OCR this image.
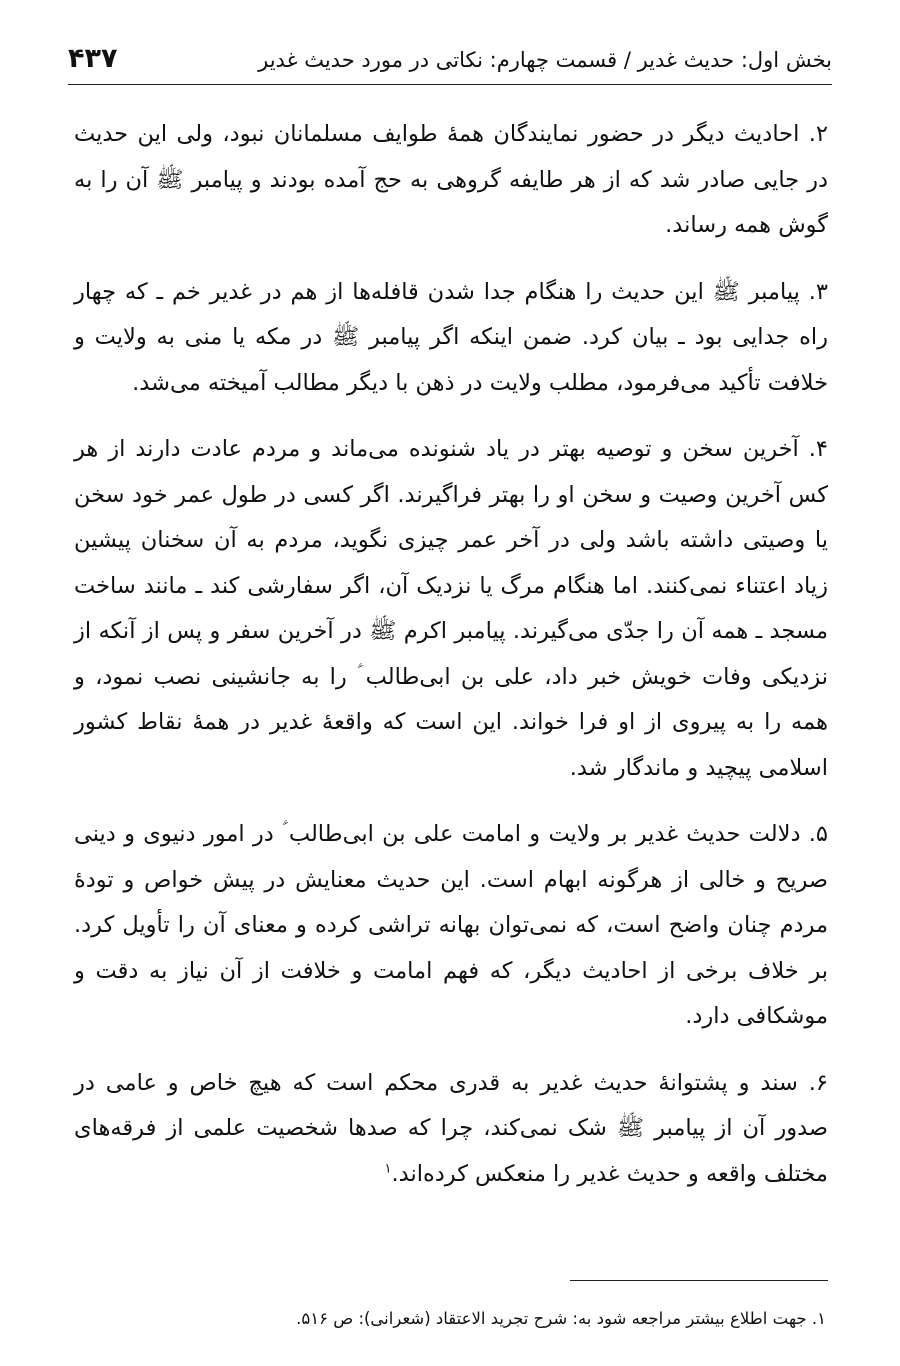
بخش اول: حدیث غدیر / قسمت چهارم: نکاتی در مورد حدیث غدیر
۴۳۷

۲. احادیث دیگر در حضور نمایندگان همهٔ طوایف مسلمانان نبود، ولی این حدیث در جایی صادر شد که از هر طایفه گروهی به حج آمده بودند و پیامبر ﷺ آن را به گوش همه رساند.

۳. پیامبر ﷺ این حدیث را هنگام جدا شدن قافله‌ها از هم در غدیر خم ـ که چهار راه جدایی بود ـ بیان کرد. ضمن اینکه اگر پیامبر ﷺ در مکه یا منی به ولایت و خلافت تأکید می‌فرمود، مطلب ولایت در ذهن با دیگر مطالب آمیخته می‌شد.

۴. آخرین سخن و توصیه بهتر در یاد شنونده می‌ماند و مردم عادت دارند از هر کس آخرین وصیت و سخن او را بهتر فراگیرند. اگر کسی در طول عمر خود سخن یا وصیتی داشته باشد ولی در آخر عمر چیزی نگوید، مردم به آن سخنان پیشین زیاد اعتناء نمی‌کنند. اما هنگام مرگ یا نزدیک آن، اگر سفارشی کند ـ مانند ساخت مسجد ـ همه آن را جدّی می‌گیرند. پیامبر اکرم ﷺ در آخرین سفر و پس از آنکه از نزدیکی وفات خویش خبر داد، علی بن ابی‌طالب ؑ را به جانشینی نصب نمود، و همه را به پیروی از او فرا خواند. این است که واقعهٔ غدیر در همهٔ نقاط کشور اسلامی پیچید و ماندگار شد.

۵. دلالت حدیث غدیر بر ولایت و امامت علی بن ابی‌طالب ؑ در امور دنیوی و دینی صریح و خالی از هرگونه ابهام است. این حدیث معنایش در پیش خواص و تودهٔ مردم چنان واضح است، که نمی‌توان بهانه تراشی کرده و معنای آن را تأویل کرد. بر خلاف برخی از احادیث دیگر، که فهم امامت و خلافت از آن نیاز به دقت و موشکافی دارد.

۶. سند و پشتوانهٔ حدیث غدیر به قدری محکم است که هیچ خاص و عامی در صدور آن از پیامبر ﷺ شک نمی‌کند، چرا که صدها شخصیت علمی از فرقه‌های مختلف واقعه و حدیث غدیر را منعکس کرده‌اند.$^۱$

۱. جهت اطلاع بیشتر مراجعه شود به: شرح تجرید الاعتقاد (شعرانی): ص ۵۱۶.
